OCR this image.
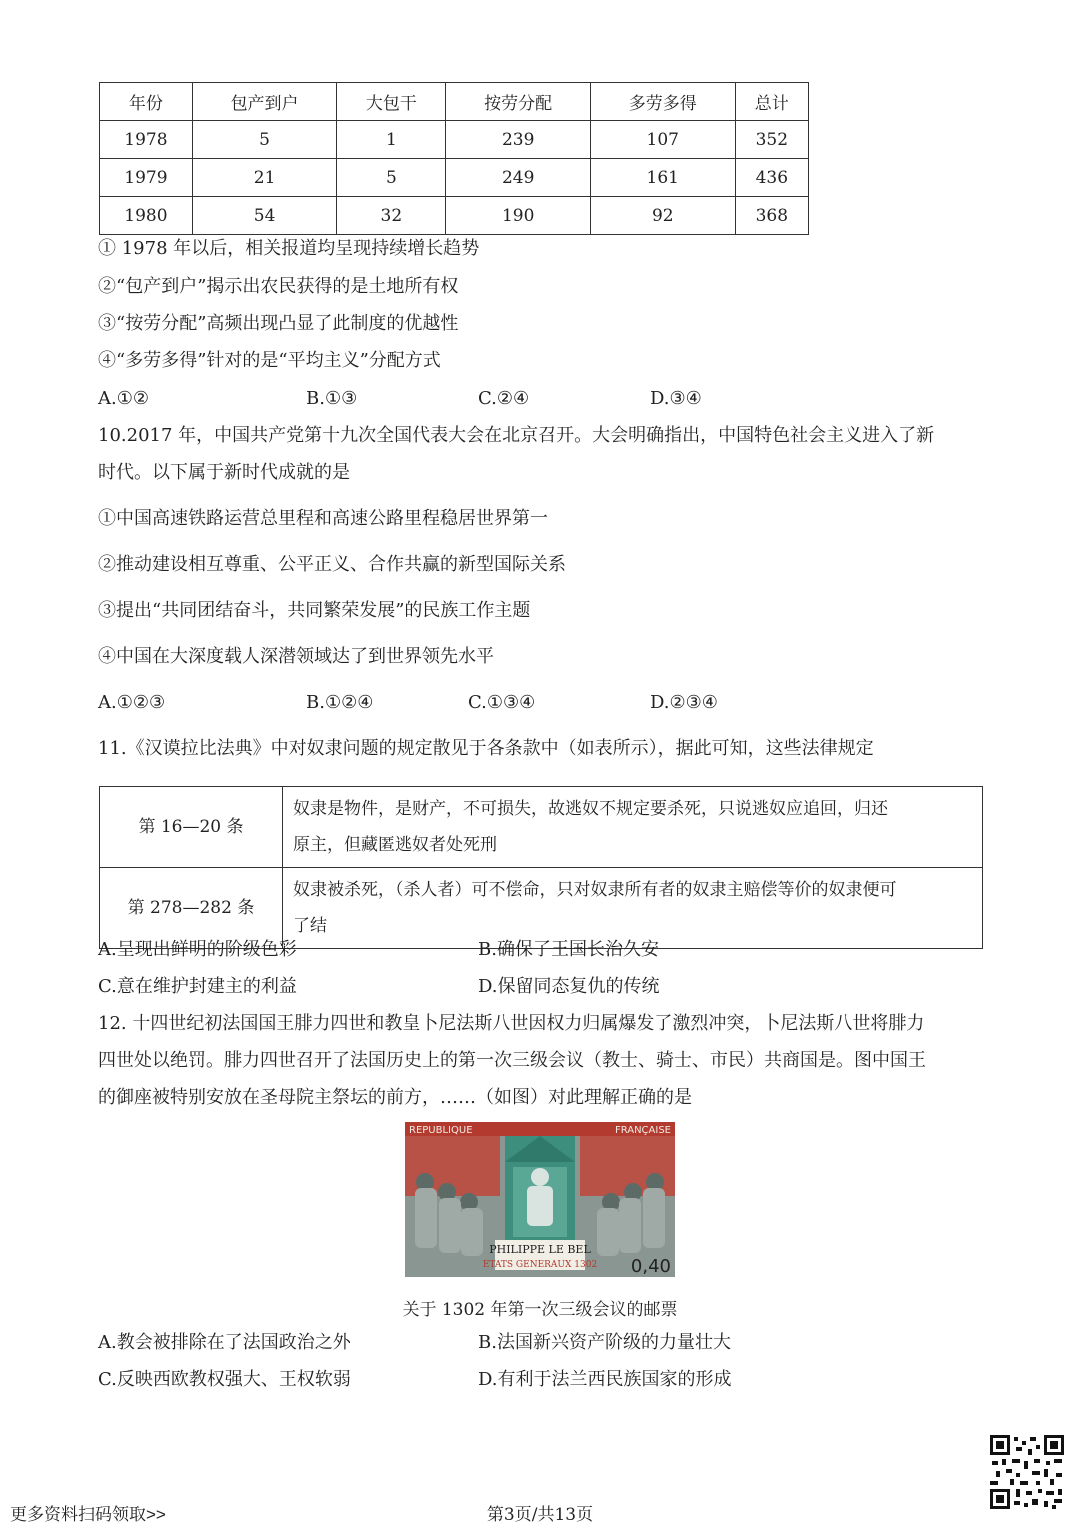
年份	包产到户	大包干	按劳分配	多劳多得	总计
1978	5	1	239	107	352
1979	21	5	249	161	436
1980	54	32	190	92	368
① 1978 年以后，相关报道均呈现持续增长趋势
②“包产到户”揭示出农民获得的是土地所有权
③“按劳分配”高频出现凸显了此制度的优越性
④“多劳多得”针对的是“平均主义”分配方式
A.①②	B.①③	C.②④	D.③④
10.2017 年，中国共产党第十九次全国代表大会在北京召开。大会明确指出，中国特色社会主义进入了新
时代。以下属于新时代成就的是
①中国高速铁路运营总里程和高速公路里程稳居世界第一
②推动建设相互尊重、公平正义、合作共赢的新型国际关系
③提出“共同团结奋斗，共同繁荣发展”的民族工作主题
④中国在大深度载人深潜领域达了到世界领先水平
A.①②③	B.①②④	C.①③④	D.②③④
11.《汉谟拉比法典》中对奴隶问题的规定散见于各条款中（如表所示），据此可知，这些法律规定
第 16—20 条	奴隶是物件，是财产，不可损失，故逃奴不规定要杀死，只说逃奴应追回，归还
原主，但藏匿逃奴者处死刑

第 278—282 条	奴隶被杀死，（杀人者）可不偿命，只对奴隶所有者的奴隶主赔偿等价的奴隶便可
了结
A.呈现出鲜明的阶级色彩	B.确保了王国长治久安
C.意在维护封建主的利益	D.保留同态复仇的传统
12. 十四世纪初法国国王腓力四世和教皇卜尼法斯八世因权力归属爆发了激烈冲突，卜尼法斯八世将腓力
四世处以绝罚。腓力四世召开了法国历史上的第一次三级会议（教士、骑士、市民）共商国是。图中国王
的御座被特别安放在圣母院主祭坛的前方，……（如图）对此理解正确的是
PHILIPPE LE BEL
ETATS GENERAUX 1302
REPUBLIQUE	FRANÇAISE
0,40
关于 1302 年第一次三级会议的邮票
A.教会被排除在了法国政治之外	B.法国新兴资产阶级的力量壮大
C.反映西欧教权强大、王权软弱	D.有利于法兰西民族国家的形成
更多资料扫码领取>>	第3页/共13页
